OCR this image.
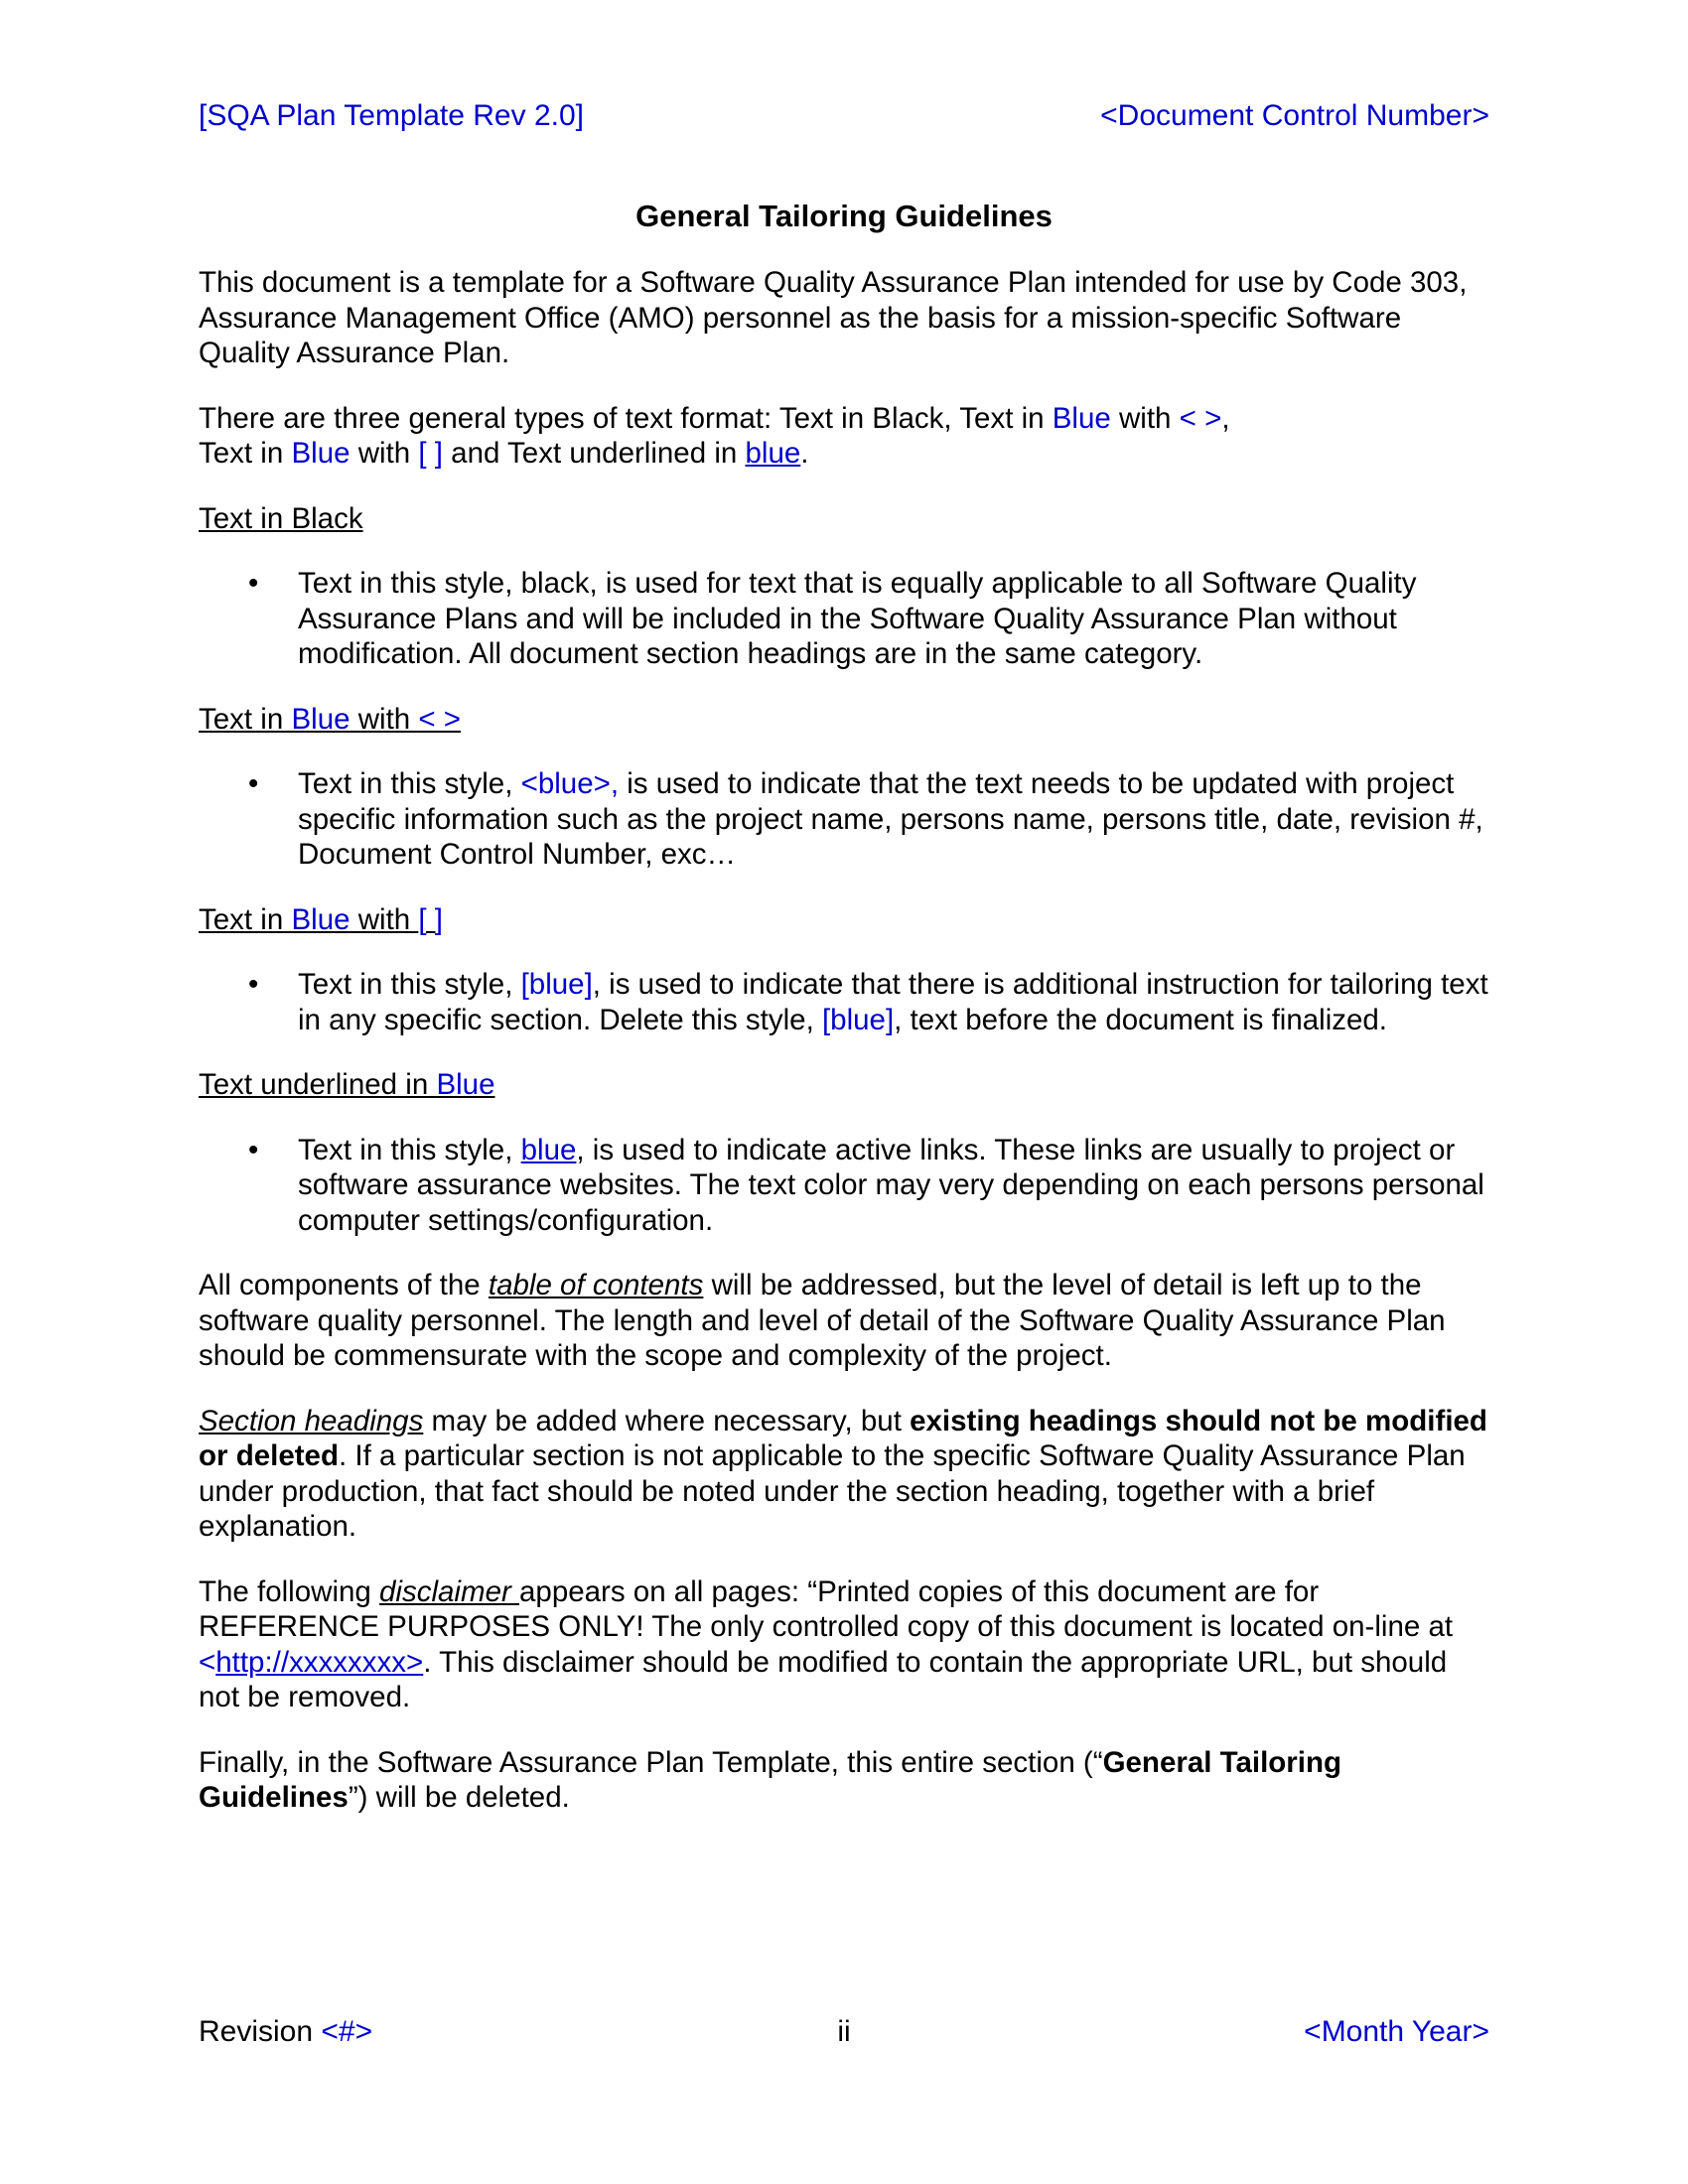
[SQA Plan Template Rev 2.0]	<Document Control Number>
General Tailoring Guidelines

This document is a template for a Software Quality Assurance Plan intended for use by Code 303, Assurance Management Office (AMO) personnel as the basis for a mission-specific Software Quality Assurance Plan.

There are three general types of text format: Text in Black, Text in Blue with < >,
Text in Blue with [ ] and Text underlined in blue.

Text in Black
• Text in this style, black, is used for text that is equally applicable to all Software Quality Assurance Plans and will be included in the Software Quality Assurance Plan without modification. All document section headings are in the same category.
Text in Blue with < >
• Text in this style, <blue>, is used to indicate that the text needs to be updated with project specific information such as the project name, persons name, persons title, date, revision #, Document Control Number, exc…
Text in Blue with [ ]
• Text in this style, [blue], is used to indicate that there is additional instruction for tailoring text in any specific section. Delete this style, [blue], text before the document is finalized.
Text underlined in Blue
• Text in this style, blue, is used to indicate active links. These links are usually to project or software assurance websites. The text color may very depending on each persons personal computer settings/configuration.

All components of the table of contents will be addressed, but the level of detail is left up to the software quality personnel. The length and level of detail of the Software Quality Assurance Plan should be commensurate with the scope and complexity of the project.

Section headings may be added where necessary, but existing headings should not be modified or deleted. If a particular section is not applicable to the specific Software Quality Assurance Plan under production, that fact should be noted under the section heading, together with a brief explanation.

The following disclaimer appears on all pages: “Printed copies of this document are for REFERENCE PURPOSES ONLY! The only controlled copy of this document is located on-line at <http://xxxxxxxx>. This disclaimer should be modified to contain the appropriate URL, but should not be removed.

Finally, in the Software Assurance Plan Template, this entire section (“General Tailoring Guidelines”) will be deleted.

Revision <#>	ii	<Month Year>
